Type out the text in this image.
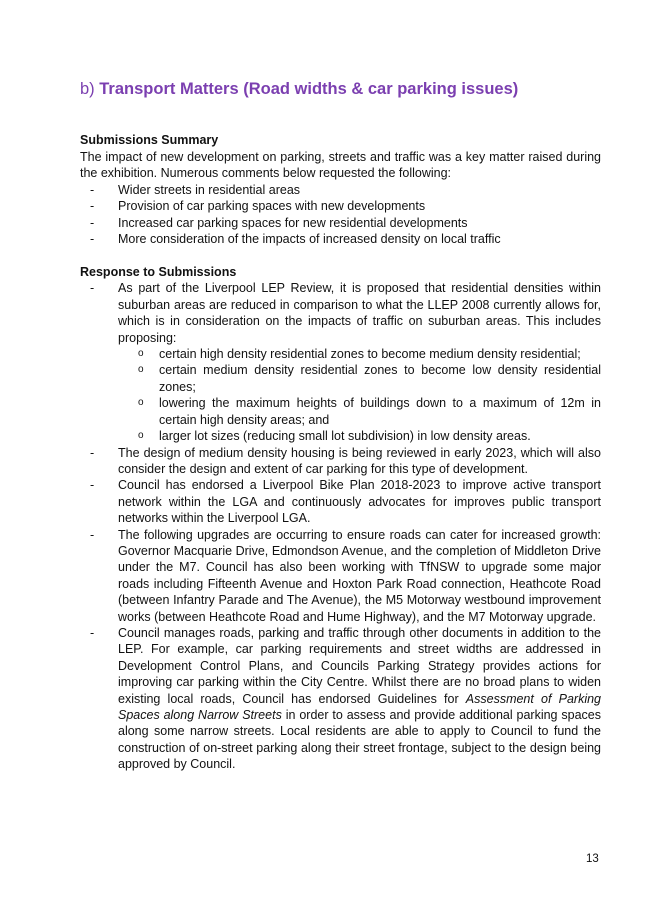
b) Transport Matters (Road widths & car parking issues)
Submissions Summary

The impact of new development on parking, streets and traffic was a key matter raised during the exhibition. Numerous comments below requested the following:

- Wider streets in residential areas
- Provision of car parking spaces with new developments
- Increased car parking spaces for new residential developments
- More consideration of the impacts of increased density on local traffic
Response to Submissions
- As part of the Liverpool LEP Review, it is proposed that residential densities within suburban areas are reduced in comparison to what the LLEP 2008 currently allows for, which is in consideration on the impacts of traffic on suburban areas. This includes proposing:
o certain high density residential zones to become medium density residential;
o certain medium density residential zones to become low density residential zones;
o lowering the maximum heights of buildings down to a maximum of 12m in certain high density areas; and
o larger lot sizes (reducing small lot subdivision) in low density areas.
- The design of medium density housing is being reviewed in early 2023, which will also consider the design and extent of car parking for this type of development.
- Council has endorsed a Liverpool Bike Plan 2018-2023 to improve active transport network within the LGA and continuously advocates for improves public transport networks within the Liverpool LGA.
- The following upgrades are occurring to ensure roads can cater for increased growth: Governor Macquarie Drive, Edmondson Avenue, and the completion of Middleton Drive under the M7. Council has also been working with TfNSW to upgrade some major roads including Fifteenth Avenue and Hoxton Park Road connection, Heathcote Road (between Infantry Parade and The Avenue), the M5 Motorway westbound improvement works (between Heathcote Road and Hume Highway), and the M7 Motorway upgrade.
- Council manages roads, parking and traffic through other documents in addition to the LEP. For example, car parking requirements and street widths are addressed in Development Control Plans, and Councils Parking Strategy provides actions for improving car parking within the City Centre. Whilst there are no broad plans to widen existing local roads, Council has endorsed Guidelines for Assessment of Parking Spaces along Narrow Streets in order to assess and provide additional parking spaces along some narrow streets. Local residents are able to apply to Council to fund the construction of on-street parking along their street frontage, subject to the design being approved by Council.
13
